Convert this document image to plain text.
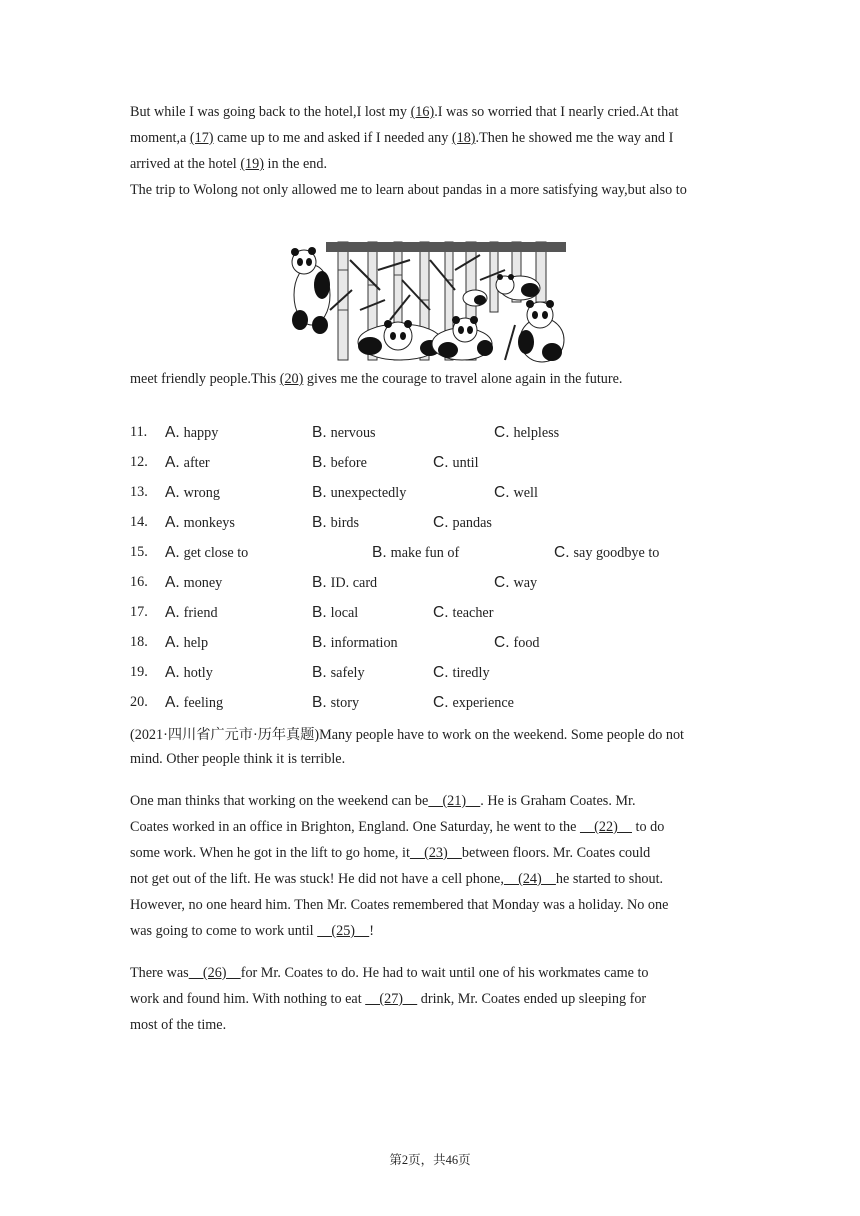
But while I was going back to the hotel,I lost my (16).I was so worried that I nearly cried.At that
moment,a (17) came up to me and asked if I needed any (18).Then he showed me the way and I
arrived at the hotel (19) in the end.
The trip to Wolong not only allowed me to learn about pandas in a more satisfying way,but also to
meet friendly people.This (20) gives me the courage to travel alone again in the future.
11. A. happy	B. nervous	C. helpless
12. A. after	B. before	C. until
13. A. wrong	B. unexpectedly	C. well
14. A. monkeys	B. birds	C. pandas
15. A. get close to	B. make fun of	C. say goodbye to
16. A. money	B. ID. card	C. way
17. A. friend	B. local	C. teacher
18. A. help	B. information	C. food
19. A. hotly	B. safely	C. tiredly
20. A. feeling	B. story	C. experience
(2021·四川省广元市·历年真题)Many people have to work on the weekend. Some people do not
mind. Other people think it is terrible.
One man thinks that working on the weekend can be    (21)    . He is Graham Coates. Mr.
Coates worked in an office in Brighton, England. One Saturday, he went to the     (22)     to do
some work. When he got in the lift to go home, it    (23)    between floors. Mr. Coates could
not get out of the lift. He was stuck! He did not have a cell phone,    (24)    he started to shout.
However, no one heard him. Then Mr. Coates remembered that Monday was a holiday. No one
was going to come to work until     (25)    !
There was    (26)    for Mr. Coates to do. He had to wait until one of his workmates came to
work and found him. With nothing to eat     (27)     drink, Mr. Coates ended up sleeping for
most of the time.
第2页，共46页
